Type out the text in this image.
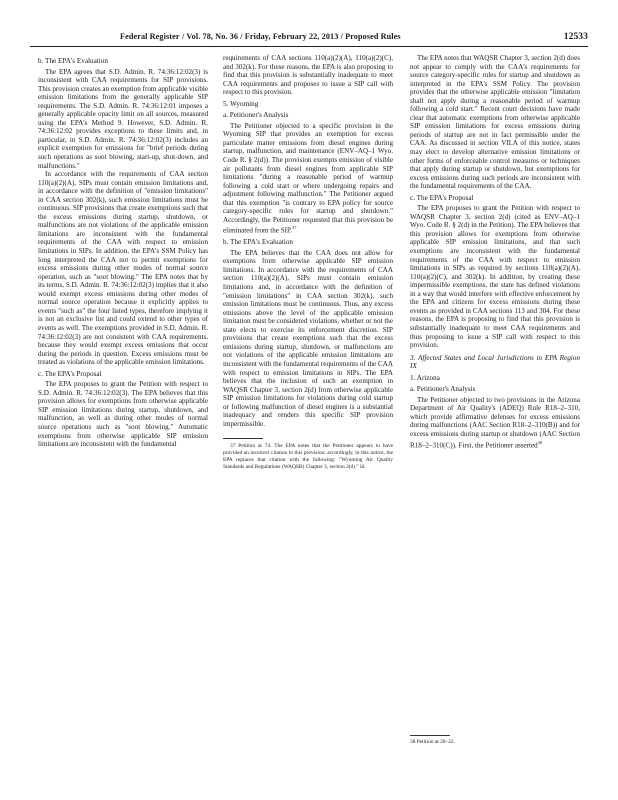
Federal Register / Vol. 78, No. 36 / Friday, February 22, 2013 / Proposed Rules	12533
b. The EPA's Evaluation

The EPA agrees that S.D. Admin. R. 74:36:12:02(3) is inconsistent with CAA requirements for SIP provisions. This provision creates an exemption from applicable visible emission limitations from the generally applicable SIP requirements. The S.D. Admin. R. 74:36:12:01 imposes a generally applicable opacity limit on all sources, measured using the EPA's Method 9. However, S.D. Admin. R. 74:36:12:02 provides exceptions to these limits and, in particular, in S.D. Admin. R. 74:36:12:02(3) includes an explicit exemption for emissions for "brief periods during such operations as soot blowing, start-up, shut-down, and malfunctions."

In accordance with the requirements of CAA section 110(a)(2)(A), SIPs must contain emission limitations and, in accordance with the definition of "emission limitations" in CAA section 302(k), such emission limitations must be continuous. SIP provisions that create exemptions such that the excess emissions during startup, shutdown, or malfunctions are not violations of the applicable emission limitations are inconsistent with the fundamental requirements of the CAA with respect to emission limitations in SIPs. In addition, the EPA's SSM Policy has long interpreted the CAA not to permit exemptions for excess emissions during other modes of normal source operation, such as "soot blowing." The EPA notes that by its terms, S.D. Admin. R. 74:36:12:02(3) implies that it also would exempt excess emissions during other modes of normal source operation because it explicitly applies to events "such as" the four listed types, therefore implying it is not an exclusive list and could extend to other types of events as well. The exemptions provided in S.D. Admin. R. 74:36:12:02(3) are not consistent with CAA requirements, because they would exempt excess emissions that occur during the periods in question. Excess emissions must be treated as violations of the applicable emission limitations.

c. The EPA's Proposal

The EPA proposes to grant the Petition with respect to S.D. Admin. R. 74:36:12:02(3). The EPA believes that this provision allows for exemptions from otherwise applicable SIP emission limitations during startup, shutdown, and malfunction, as well as during other modes of normal source operations such as "soot blowing." Automatic exemptions from otherwise applicable SIP emission limitations are inconsistent with the fundamental

requirements of CAA sections 110(a)(2)(A), 110(a)(2)(C), and 302(k). For these reasons, the EPA is also proposing to find that this provision is substantially inadequate to meet CAA requirements and proposes to issue a SIP call with respect to this provision.

5. Wyoming
a. Petitioner's Analysis

The Petitioner objected to a specific provision in the Wyoming SIP that provides an exemption for excess particulate matter emissions from diesel engines during startup, malfunction, and maintenance (ENV–AQ–1 Wyo. Code R. § 2(d)). The provision exempts emission of visible air pollutants from diesel engines from applicable SIP limitations "during a reasonable period of warmup following a cold start or where undergoing repairs and adjustment following malfunction." The Petitioner argued that this exemption "is contrary to EPA policy for source category-specific rules for startup and shutdown." Accordingly, the Petitioner requested that this provision be eliminated from the SIP.$^{37}$

b. The EPA's Evaluation

The EPA believes that the CAA does not allow for exemptions from otherwise applicable SIP emission limitations. In accordance with the requirements of CAA section 110(a)(2)(A), SIPs must contain emission limitations and, in accordance with the definition of "emission limitations" in CAA section 302(k), such emission limitations must be continuous. Thus, any excess emissions above the level of the applicable emission limitation must be considered violations, whether or not the state elects to exercise its enforcement discretion. SIP provisions that create exemptions such that the excess emissions during startup, shutdown, or malfunctions are not violations of the applicable emission limitations are inconsistent with the fundamental requirements of the CAA with respect to emission limitations in SIPs. The EPA believes that the inclusion of such an exemption in WAQSR Chapter 3, section 2(d) from otherwise applicable SIP emission limitations for violations during cold startup or following malfunction of diesel engines is a substantial inadequacy and renders this specific SIP provision impermissible.

37 Petition at 74. The EPA notes that the Petitioner appears to have provided an incorrect citation to this provision; accordingly, in this notice, the EPA replaces that citation with the following: "Wyoming Air Quality Standards and Regulations (WAQSR) Chapter 3, section 2(d)." Id.

The EPA notes that WAQSR Chapter 3, section 2(d) does not appear to comply with the CAA's requirements for source category-specific rules for startup and shutdown as interpreted in the EPA's SSM Policy. The provision provides that the otherwise applicable emission "limitation shall not apply during a reasonable period of warmup following a cold start." Recent court decisions have made clear that automatic exemptions from otherwise applicable SIP emission limitations for excess emissions during periods of startup are not in fact permissible under the CAA. As discussed in section VII.A of this notice, states may elect to develop alternative emission limitations or other forms of enforceable control measures or techniques that apply during startup or shutdown, but exemptions for excess emissions during such periods are inconsistent with the fundamental requirements of the CAA.

c. The EPA's Proposal

The EPA proposes to grant the Petition with respect to WAQSR Chapter 3, section 2(d) (cited as ENV–AQ–1 Wyo. Code R. § 2(d) in the Petition). The EPA believes that this provision allows for exemptions from otherwise applicable SIP emission limitations, and that such exemptions are inconsistent with the fundamental requirements of the CAA with respect to emission limitations in SIPs as required by sections 110(a)(2)(A), 110(a)(2)(C), and 302(k). In addition, by creating these impermissible exemptions, the state has defined violations in a way that would interfere with effective enforcement by the EPA and citizens for excess emissions during these events as provided in CAA sections 113 and 304. For these reasons, the EPA is proposing to find that this provision is substantially inadequate to meet CAA requirements and thus proposing to issue a SIP call with respect to this provision.

3. Affected States and Local Jurisdictions in EPA Region IX
1. Arizona
a. Petitioner's Analysis

The Petitioner objected to two provisions in the Arizona Department of Air Quality's (ADEQ) Rule R18–2–310, which provide affirmative defenses for excess emissions during malfunctions (AAC Section R18–2–310(B)) and for excess emissions during startup or shutdown (AAC Section R18–2–310(C)). First, the Petitioner asserted$^{38}$

38 Petition at 20–22.
